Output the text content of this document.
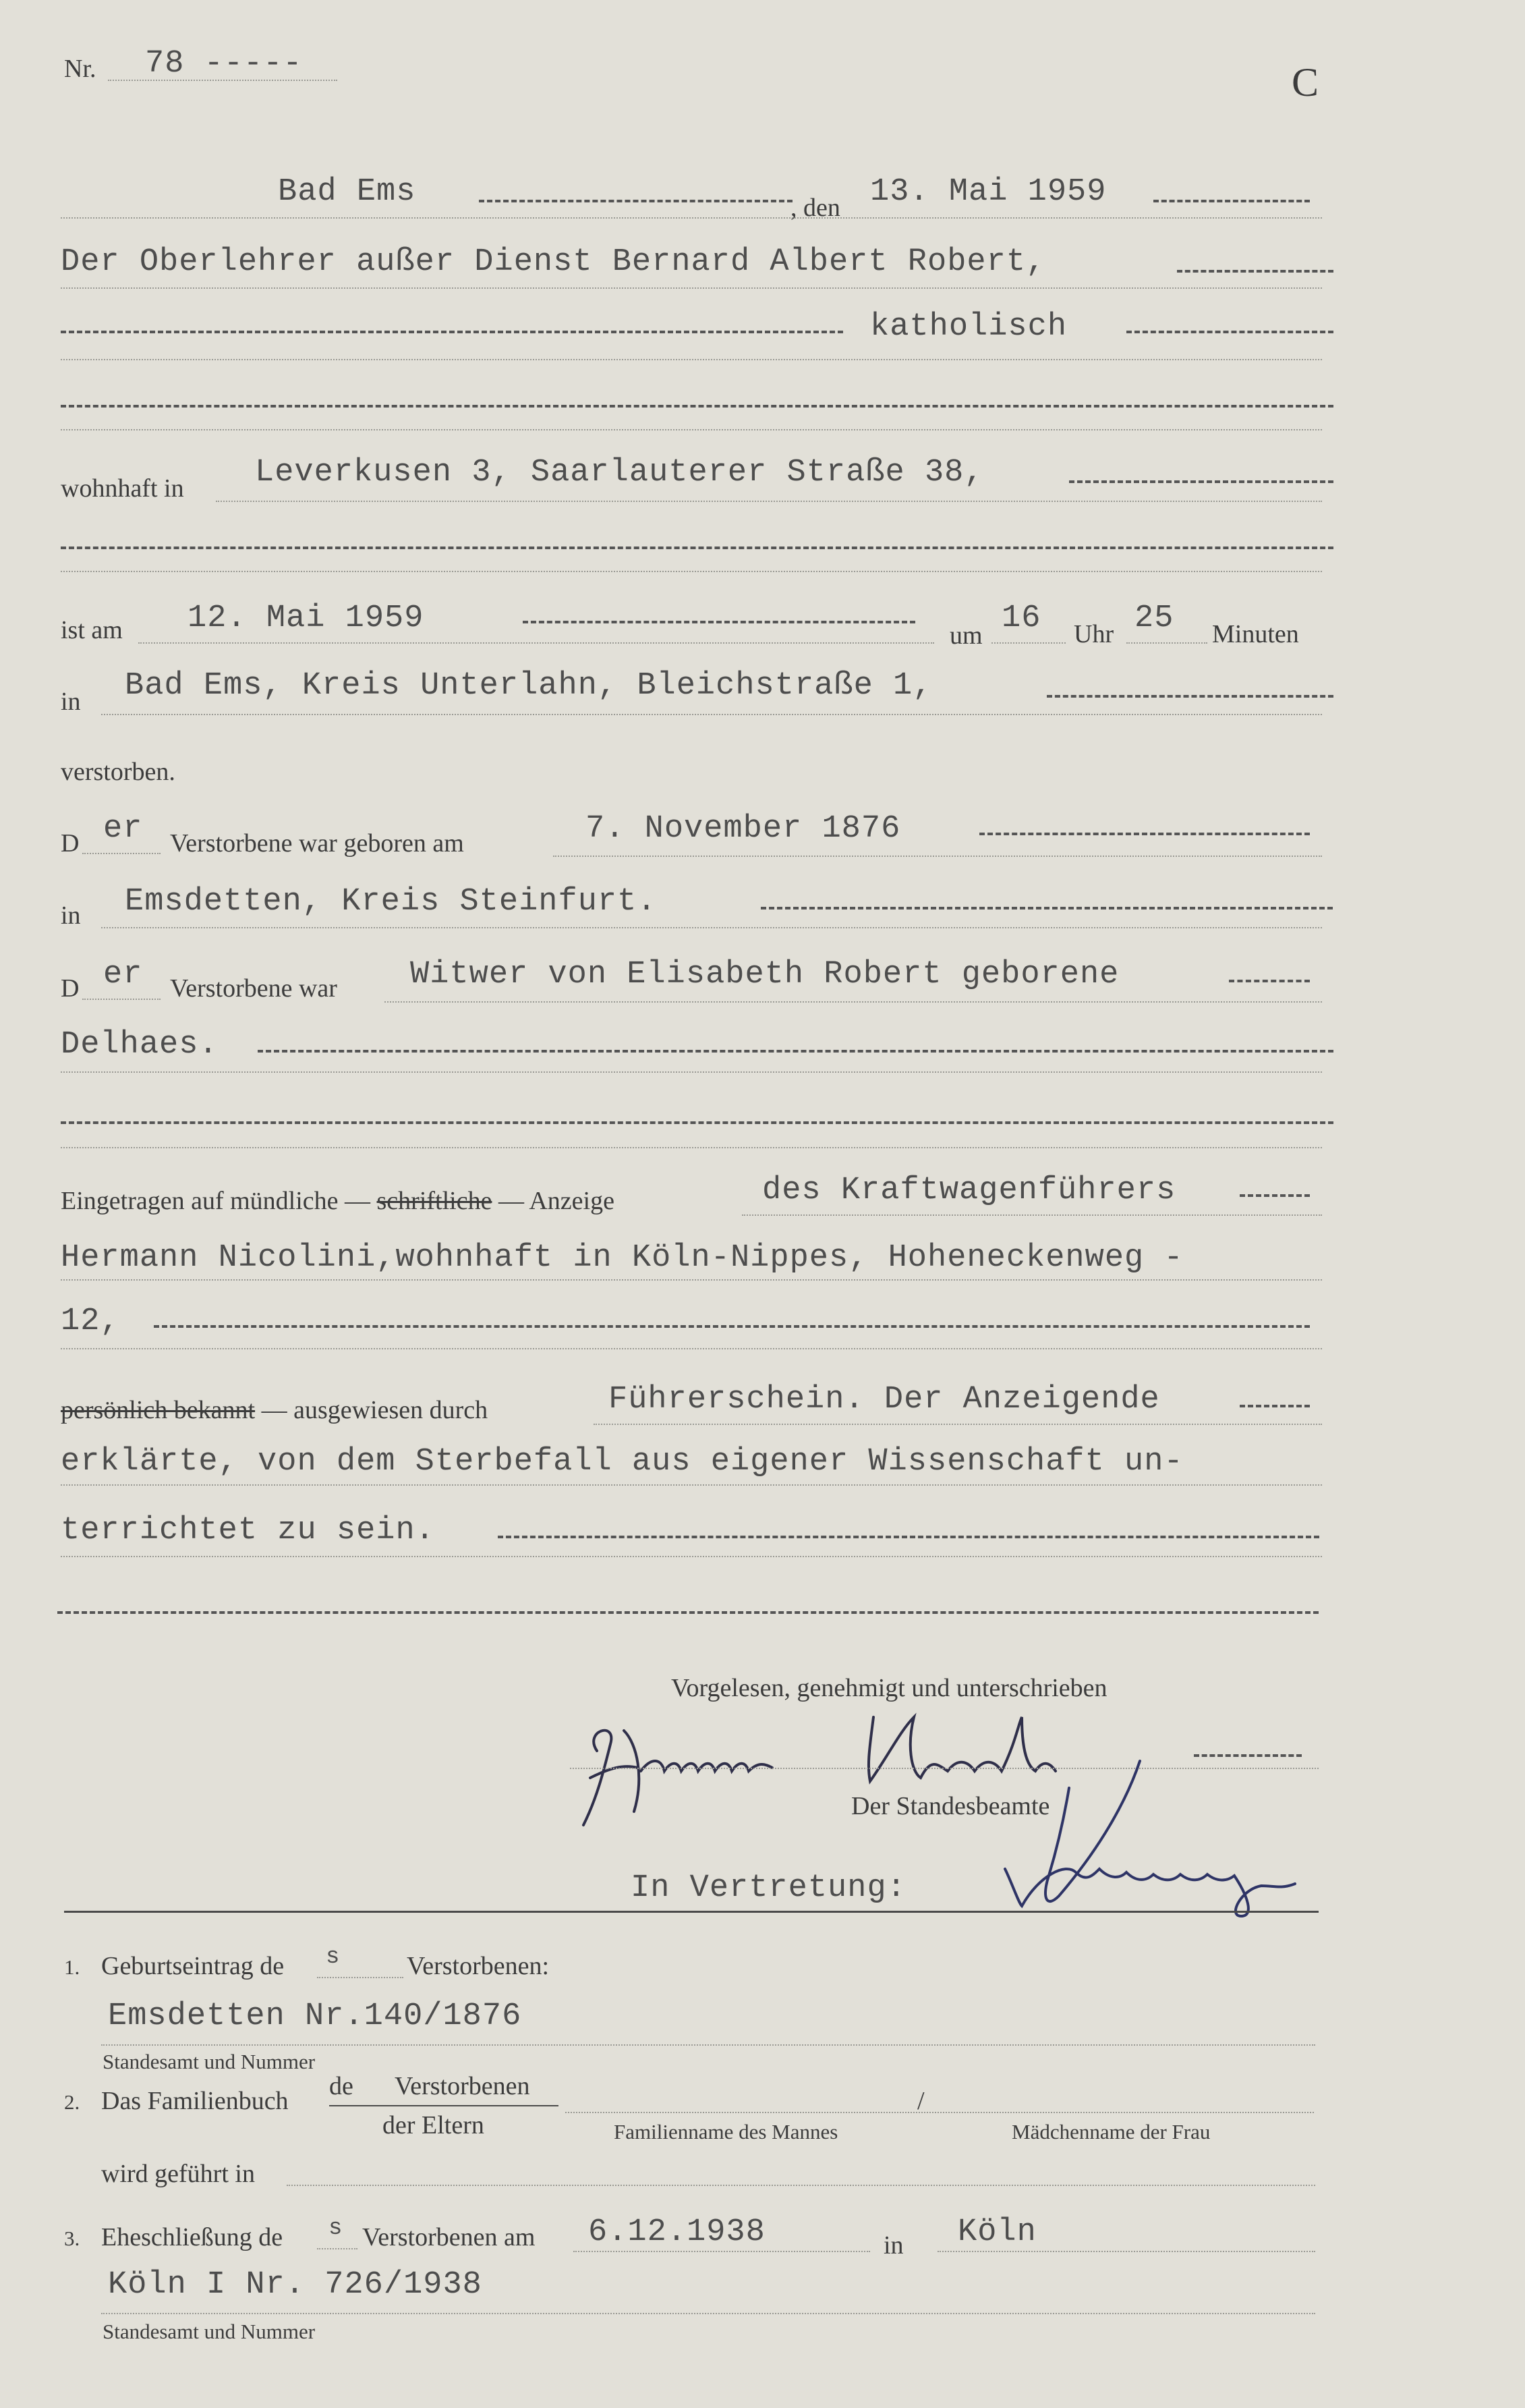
Nr. 78 -----	C
Bad Ems	, den 13. Mai 1959
Der Oberlehrer außer Dienst Bernard Albert Robert,
katholisch
wohnhaft in Leverkusen 3, Saarlauterer Straße 38,
ist am 12. Mai 1959	um 16 Uhr 25 Minuten
in Bad Ems, Kreis Unterlahn, Bleichstraße 1,
verstorben.
D er Verstorbene war geboren am	7. November 1876
in Emsdetten, Kreis Steinfurt.
D er Verstorbene war Witwer von Elisabeth Robert geborene
Delhaes.
Eingetragen auf mündliche — schriftliche — Anzeige	des Kraftwagenführers
Hermann Nicolini,wohnhaft in Köln-Nippes, Hoheneckenweg -
12,
persönlich bekannt — ausgewiesen durch	Führerschein. Der Anzeigende
erklärte, von dem Sterbefall aus eigener Wissenschaft un-
terrichtet zu sein.
Vorgelesen, genehmigt und unterschrieben
Der Standesbeamte
In Vertretung:
1. Geburtseintrag de s	Verstorbenen:
Emsdetten Nr.140/1876
Standesamt und Nummer
2. Das Familienbuch
de Verstorbenen
der Eltern
/
Familienname des Mannes	Mädchenname der Frau
wird geführt in
3. Eheschließung de s Verstorbenen am 6.12.1938	in Köln
Köln I Nr. 726/1938
Standesamt und Nummer
